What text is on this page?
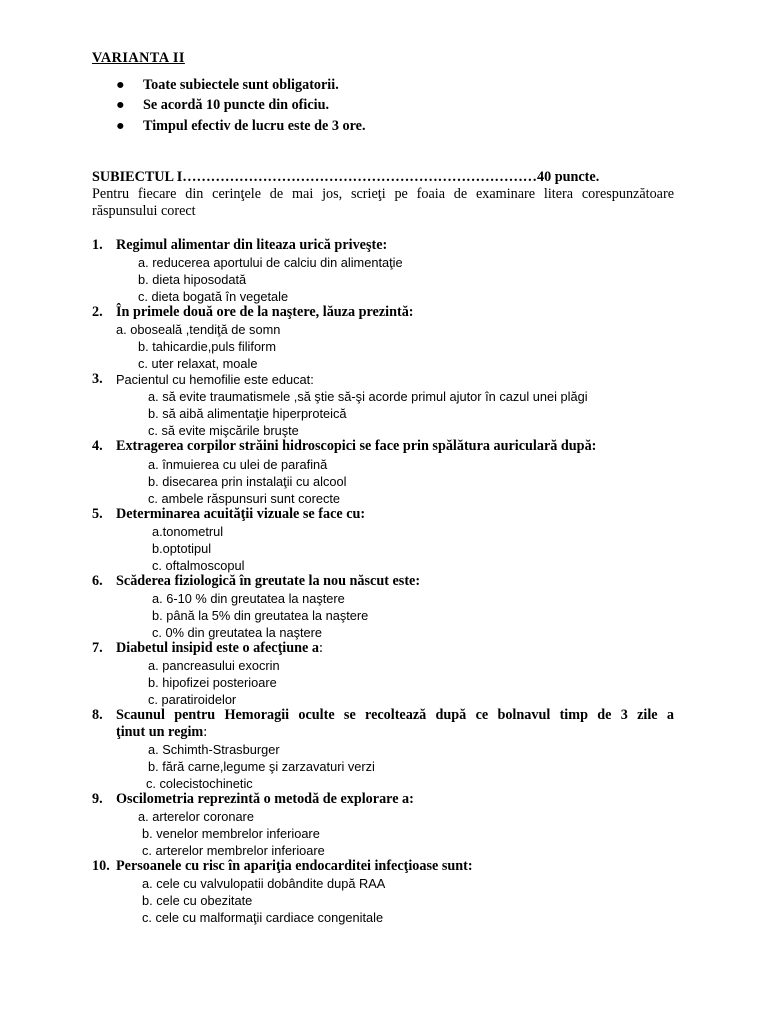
VARIANTA II
● Toate subiectele sunt obligatorii.
● Se acordă 10 puncte din oficiu.
● Timpul efectiv de lucru este de 3 ore.
SUBIECTUL I…………………………………………………………………40 puncte.
Pentru fiecare din cerinţele de mai jos, scrieţi pe foaia de examinare litera corespunzătoare
răspunsului corect
1. Regimul alimentar din liteaza urică priveşte:
a. reducerea aportului de calciu din alimentaţie
b. dieta hiposodată
c. dieta bogată în vegetale
2. În primele două ore de la naştere, lăuza prezintă:
a. oboseală ,tendiţă de somn
b. tahicardie,puls filiform
c. uter relaxat, moale
3. Pacientul cu hemofilie este educat:
a. să evite traumatismele ,să ştie să-şi acorde primul ajutor în cazul unei plăgi
b. să aibă alimentaţie hiperproteică
c. să evite mişcările bruşte
4. Extragerea corpilor străini hidroscopici se face prin spălătura auriculară după:
a. înmuierea cu ulei de parafină
b. disecarea prin instalaţii cu alcool
c. ambele răspunsuri sunt corecte
5. Determinarea acuităţii vizuale se face cu:
a.tonometrul
b.optotipul
c. oftalmoscopul
6. Scăderea fiziologică în greutate la nou născut este:
a. 6-10 % din greutatea la naştere
b. până la 5% din greutatea la naştere
c. 0% din greutatea la naştere
7. Diabetul insipid este o afecţiune a:
a. pancreasului exocrin
b. hipofizei posterioare
c. paratiroidelor
8. Scaunul pentru Hemoragii oculte se recoltează după ce bolnavul timp de 3 zile a
ţinut un regim:
a. Schimth-Strasburger
b. fără carne,legume şi zarzavaturi verzi
c. colecistochinetic
9. Oscilometria reprezintă o metodă de explorare a:
a. arterelor coronare
b. venelor membrelor inferioare
c. arterelor membrelor inferioare
10. Persoanele cu risc în apariţia endocarditei infecţioase sunt:
a. cele cu valvulopatii dobândite după RAA
b. cele cu obezitate
c. cele cu malformaţii cardiace congenitale
